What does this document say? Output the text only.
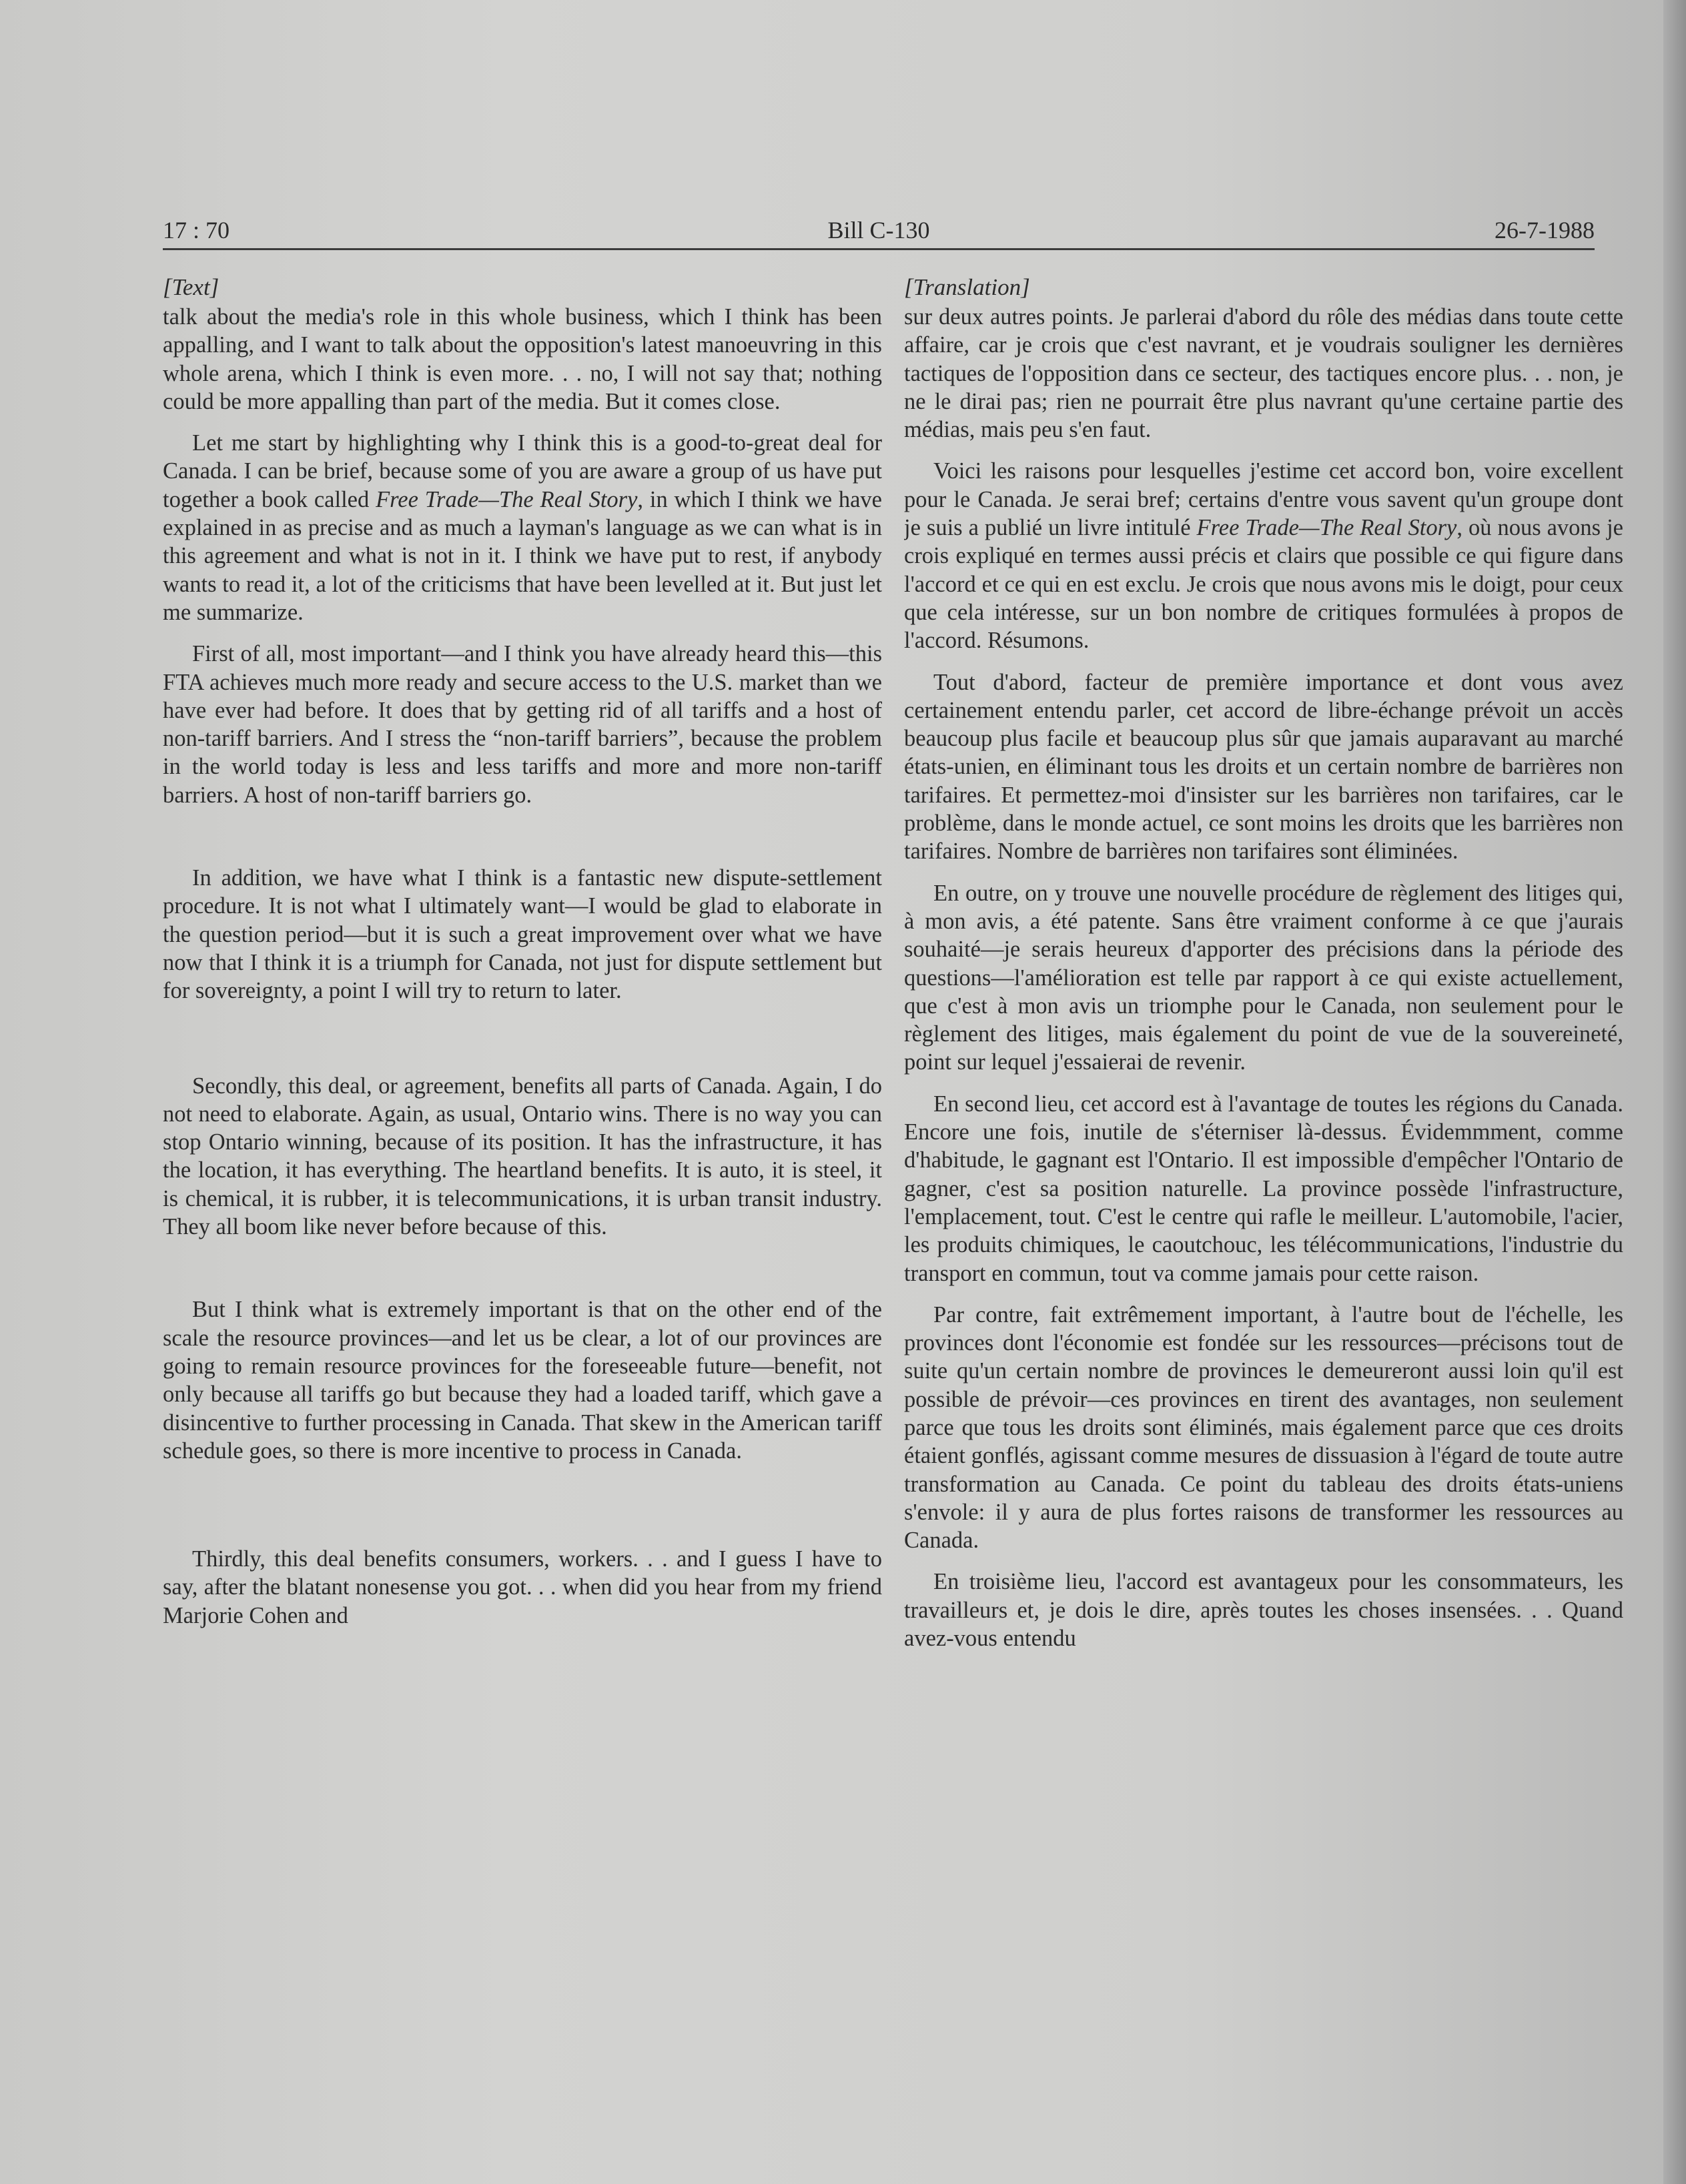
17 : 70	Bill C-130	26-7-1988
[Text]

talk about the media's role in this whole business, which I think has been appalling, and I want to talk about the opposition's latest manoeuvring in this whole arena, which I think is even more. . . no, I will not say that; nothing could be more appalling than part of the media. But it comes close.

Let me start by highlighting why I think this is a good-to-great deal for Canada. I can be brief, because some of you are aware a group of us have put together a book called Free Trade—The Real Story, in which I think we have explained in as precise and as much a layman's language as we can what is in this agreement and what is not in it. I think we have put to rest, if anybody wants to read it, a lot of the criticisms that have been levelled at it. But just let me summarize.

First of all, most important—and I think you have already heard this—this FTA achieves much more ready and secure access to the U.S. market than we have ever had before. It does that by getting rid of all tariffs and a host of non-tariff barriers. And I stress the “non-tariff barriers”, because the problem in the world today is less and less tariffs and more and more non-tariff barriers. A host of non-tariff barriers go.

In addition, we have what I think is a fantastic new dispute-settlement procedure. It is not what I ultimately want—I would be glad to elaborate in the question period—but it is such a great improvement over what we have now that I think it is a triumph for Canada, not just for dispute settlement but for sovereignty, a point I will try to return to later.

Secondly, this deal, or agreement, benefits all parts of Canada. Again, I do not need to elaborate. Again, as usual, Ontario wins. There is no way you can stop Ontario winning, because of its position. It has the infrastructure, it has the location, it has everything. The heartland benefits. It is auto, it is steel, it is chemical, it is rubber, it is telecommunications, it is urban transit industry. They all boom like never before because of this.

But I think what is extremely important is that on the other end of the scale the resource provinces—and let us be clear, a lot of our provinces are going to remain resource provinces for the foreseeable future—benefit, not only because all tariffs go but because they had a loaded tariff, which gave a disincentive to further processing in Canada. That skew in the American tariff schedule goes, so there is more incentive to process in Canada.

Thirdly, this deal benefits consumers, workers. . . and I guess I have to say, after the blatant nonesense you got. . . when did you hear from my friend Marjorie Cohen and

[Translation]

sur deux autres points. Je parlerai d'abord du rôle des médias dans toute cette affaire, car je crois que c'est navrant, et je voudrais souligner les dernières tactiques de l'opposition dans ce secteur, des tactiques encore plus. . . non, je ne le dirai pas; rien ne pourrait être plus navrant qu'une certaine partie des médias, mais peu s'en faut.

Voici les raisons pour lesquelles j'estime cet accord bon, voire excellent pour le Canada. Je serai bref; certains d'entre vous savent qu'un groupe dont je suis a publié un livre intitulé Free Trade—The Real Story, où nous avons je crois expliqué en termes aussi précis et clairs que possible ce qui figure dans l'accord et ce qui en est exclu. Je crois que nous avons mis le doigt, pour ceux que cela intéresse, sur un bon nombre de critiques formulées à propos de l'accord. Résumons.

Tout d'abord, facteur de première importance et dont vous avez certainement entendu parler, cet accord de libre-échange prévoit un accès beaucoup plus facile et beaucoup plus sûr que jamais auparavant au marché états-unien, en éliminant tous les droits et un certain nombre de barrières non tarifaires. Et permettez-moi d'insister sur les barrières non tarifaires, car le problème, dans le monde actuel, ce sont moins les droits que les barrières non tarifaires. Nombre de barrières non tarifaires sont éliminées.

En outre, on y trouve une nouvelle procédure de règlement des litiges qui, à mon avis, a été patente. Sans être vraiment conforme à ce que j'aurais souhaité—je serais heureux d'apporter des précisions dans la période des questions—l'amélioration est telle par rapport à ce qui existe actuellement, que c'est à mon avis un triomphe pour le Canada, non seulement pour le règlement des litiges, mais également du point de vue de la souvereineté, point sur lequel j'essaierai de revenir.

En second lieu, cet accord est à l'avantage de toutes les régions du Canada. Encore une fois, inutile de s'éterniser là-dessus. Évidemmment, comme d'habitude, le gagnant est l'Ontario. Il est impossible d'empêcher l'Ontario de gagner, c'est sa position naturelle. La province possède l'infrastructure, l'emplacement, tout. C'est le centre qui rafle le meilleur. L'automobile, l'acier, les produits chimiques, le caoutchouc, les télécommunications, l'industrie du transport en commun, tout va comme jamais pour cette raison.

Par contre, fait extrêmement important, à l'autre bout de l'échelle, les provinces dont l'économie est fondée sur les ressources—précisons tout de suite qu'un certain nombre de provinces le demeureront aussi loin qu'il est possible de prévoir—ces provinces en tirent des avantages, non seulement parce que tous les droits sont éliminés, mais également parce que ces droits étaient gonflés, agissant comme mesures de dissuasion à l'égard de toute autre transformation au Canada. Ce point du tableau des droits états-uniens s'envole: il y aura de plus fortes raisons de transformer les ressources au Canada.

En troisième lieu, l'accord est avantageux pour les consommateurs, les travailleurs et, je dois le dire, après toutes les choses insensées. . . Quand avez-vous entendu
